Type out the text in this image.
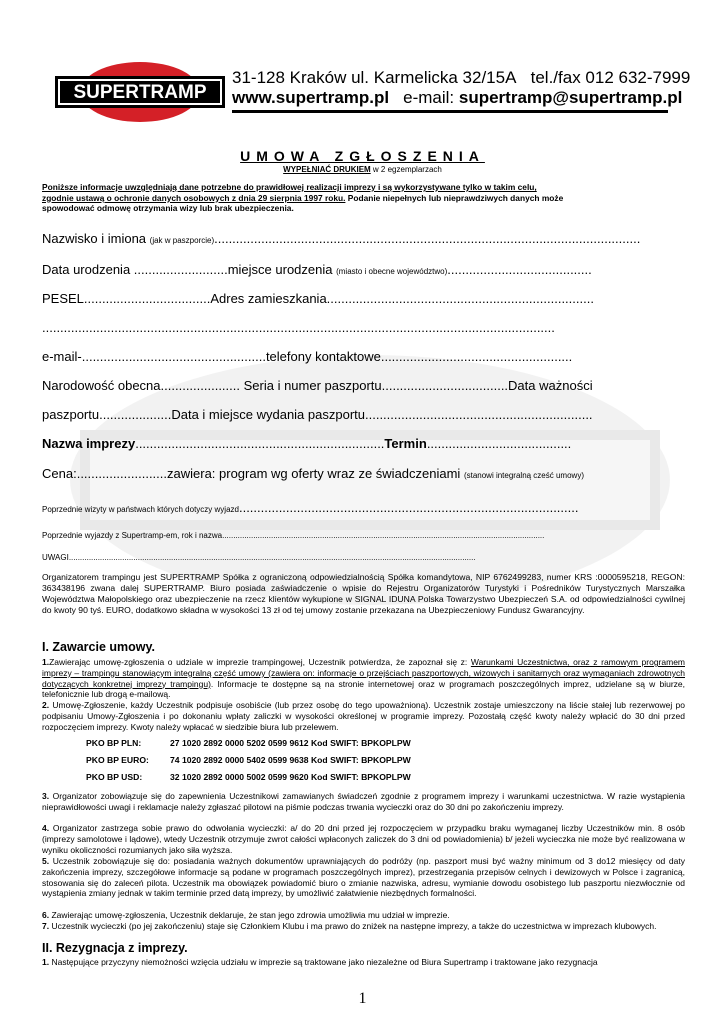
SUPERTRAMP
31-128 Kraków ul. Karmelicka 32/15A tel./fax 012 632-7999
www.supertramp.pl e-mail: supertramp@supertramp.pl
UMOWA ZGŁOSZENIA
WYPEŁNIAĆ DRUKIEM w 2 egzemplarzach
Poniższe informacje uwzględniają dane potrzebne do prawidłowej realizacji imprezy i są wykorzystywane tylko w takim celu,
zgodnie ustawą o ochronie danych osobowych z dnia 29 sierpnia 1997 roku. Podanie niepełnych lub nieprawdziwych danych może
spowodować odmowę otrzymania wizy lub brak ubezpieczenia.
Nazwisko i imiona (jak w paszporcie)......................................................................................................................
Data urodzenia ..........................miejsce urodzenia (miasto i obecne województwo)........................................
PESEL...................................Adres zamieszkania..........................................................................
..............................................................................................................................................
e-mail-...................................................telefony kontaktowe.....................................................
Narodowość obecna...................... Seria i numer paszportu...................................Data ważności
paszportu....................Data i miejsce wydania paszportu...............................................................
Nazwa imprezy.....................................................................Termin........................................
Cena:.........................zawiera: program wg oferty wraz ze świadczeniami (stanowi integralną cześć umowy)
Poprzednie wizyty w państwach których dotyczy wyjazd..............................................................................................
Poprzednie wyjazdy z Supertramp-em, rok i nazwa.................................................................................................................................................
UWAGI.......................................................................................................................................................................................
Organizatorem trampingu jest SUPERTRAMP Spółka z ograniczoną odpowiedzialnością Spółka komandytowa, NIP 6762499283, numer KRS :0000595218, REGON: 363438196 zwana dalej SUPERTRAMP. Biuro posiada zaświadczenie o wpisie do Rejestru Organizatorów Turystyki i Pośredników Turystycznych Marszałka Województwa Małopolskiego oraz ubezpieczenie na rzecz klientów wykupione w SIGNAL IDUNA Polska Towarzystwo Ubezpieczeń S.A. od odpowiedzialności cywilnej do kwoty 90 tyś. EURO, dodatkowo składna w wysokości 13 zł od tej umowy zostanie przekazana na Ubezpieczeniowy Fundusz Gwarancyjny.
I. Zawarcie umowy.
1.Zawierając umowę-zgłoszenia o udziale w imprezie trampingowej, Uczestnik potwierdza, że zapoznał się z: Warunkami Uczestnictwa, oraz z ramowym programem imprezy – trampingu stanowiącym integralną część umowy (zawiera on: informacje o przejściach paszportowych, wizowych i sanitarnych oraz wymaganiach zdrowotnych dotyczących konkretnej imprezy trampingu). Informacje te dostępne są na stronie internetowej oraz w programach poszczególnych imprez, udzielane są w biurze, telefonicznie lub drogą e-mailową.
2. Umowę-Zgłoszenie, każdy Uczestnik podpisuje osobiście (lub przez osobę do tego upoważnioną). Uczestnik zostaje umieszczony na liście stałej lub rezerwowej po podpisaniu Umowy-Zgłoszenia i po dokonaniu wpłaty zaliczki w wysokości określonej w programie imprezy. Pozostałą część kwoty należy wpłacić do 30 dni przed rozpoczęciem imprezy. Kwoty należy wpłacać w siedzibie biura lub przelewem.
PKO BP PLN:	27 1020 2892 0000 5202 0599 9612 Kod SWIFT: BPKOPLPW
PKO BP EURO: 74 1020 2892 0000 5402 0599 9638 Kod SWIFT: BPKOPLPW
PKO BP USD:	32 1020 2892 0000 5002 0599 9620 Kod SWIFT: BPKOPLPW
3. Organizator zobowiązuje się do zapewnienia Uczestnikowi zamawianych świadczeń zgodnie z programem imprezy i warunkami uczestnictwa. W razie wystąpienia nieprawidłowości uwagi i reklamacje należy zgłaszać pilotowi na piśmie podczas trwania wycieczki oraz do 30 dni po zakończeniu imprezy.
4. Organizator zastrzega sobie prawo do odwołania wycieczki: a/ do 20 dni przed jej rozpoczęciem w przypadku braku wymaganej liczby Uczestników min. 8 osób (imprezy samolotowe i lądowe), wtedy Uczestnik otrzymuje zwrot całości wpłaconych zaliczek do 3 dni od powiadomienia) b/ jeżeli wycieczka nie może być realizowana w wyniku okoliczności rozumianych jako siła wyższa.
5. Uczestnik zobowiązuje się do: posiadania ważnych dokumentów uprawniających do podróży (np. paszport musi być ważny minimum od 3 do12 miesięcy od daty zakończenia imprezy, szczegółowe informacje są podane w programach poszczególnych imprez), przestrzegania przepisów celnych i dewizowych w Polsce i zagranicą, stosowania się do zaleceń pilota. Uczestnik ma obowiązek powiadomić biuro o zmianie nazwiska, adresu, wymianie dowodu osobistego lub paszportu niezwłocznie od wystąpienia zmiany jednak w takim terminie przed datą imprezy, by umożliwić załatwienie niezbędnych formalności.
6. Zawierając umowę-zgłoszenia, Uczestnik deklaruje, że stan jego zdrowia umożliwia mu udział w imprezie.
7. Uczestnik wycieczki (po jej zakończeniu) staje się Członkiem Klubu i ma prawo do zniżek na następne imprezy, a także do uczestnictwa w imprezach klubowych.
II. Rezygnacja z imprezy.
1. Następujące przyczyny niemożności wzięcia udziału w imprezie są traktowane jako niezależne od Biura Supertramp i traktowane jako rezygnacja
1
